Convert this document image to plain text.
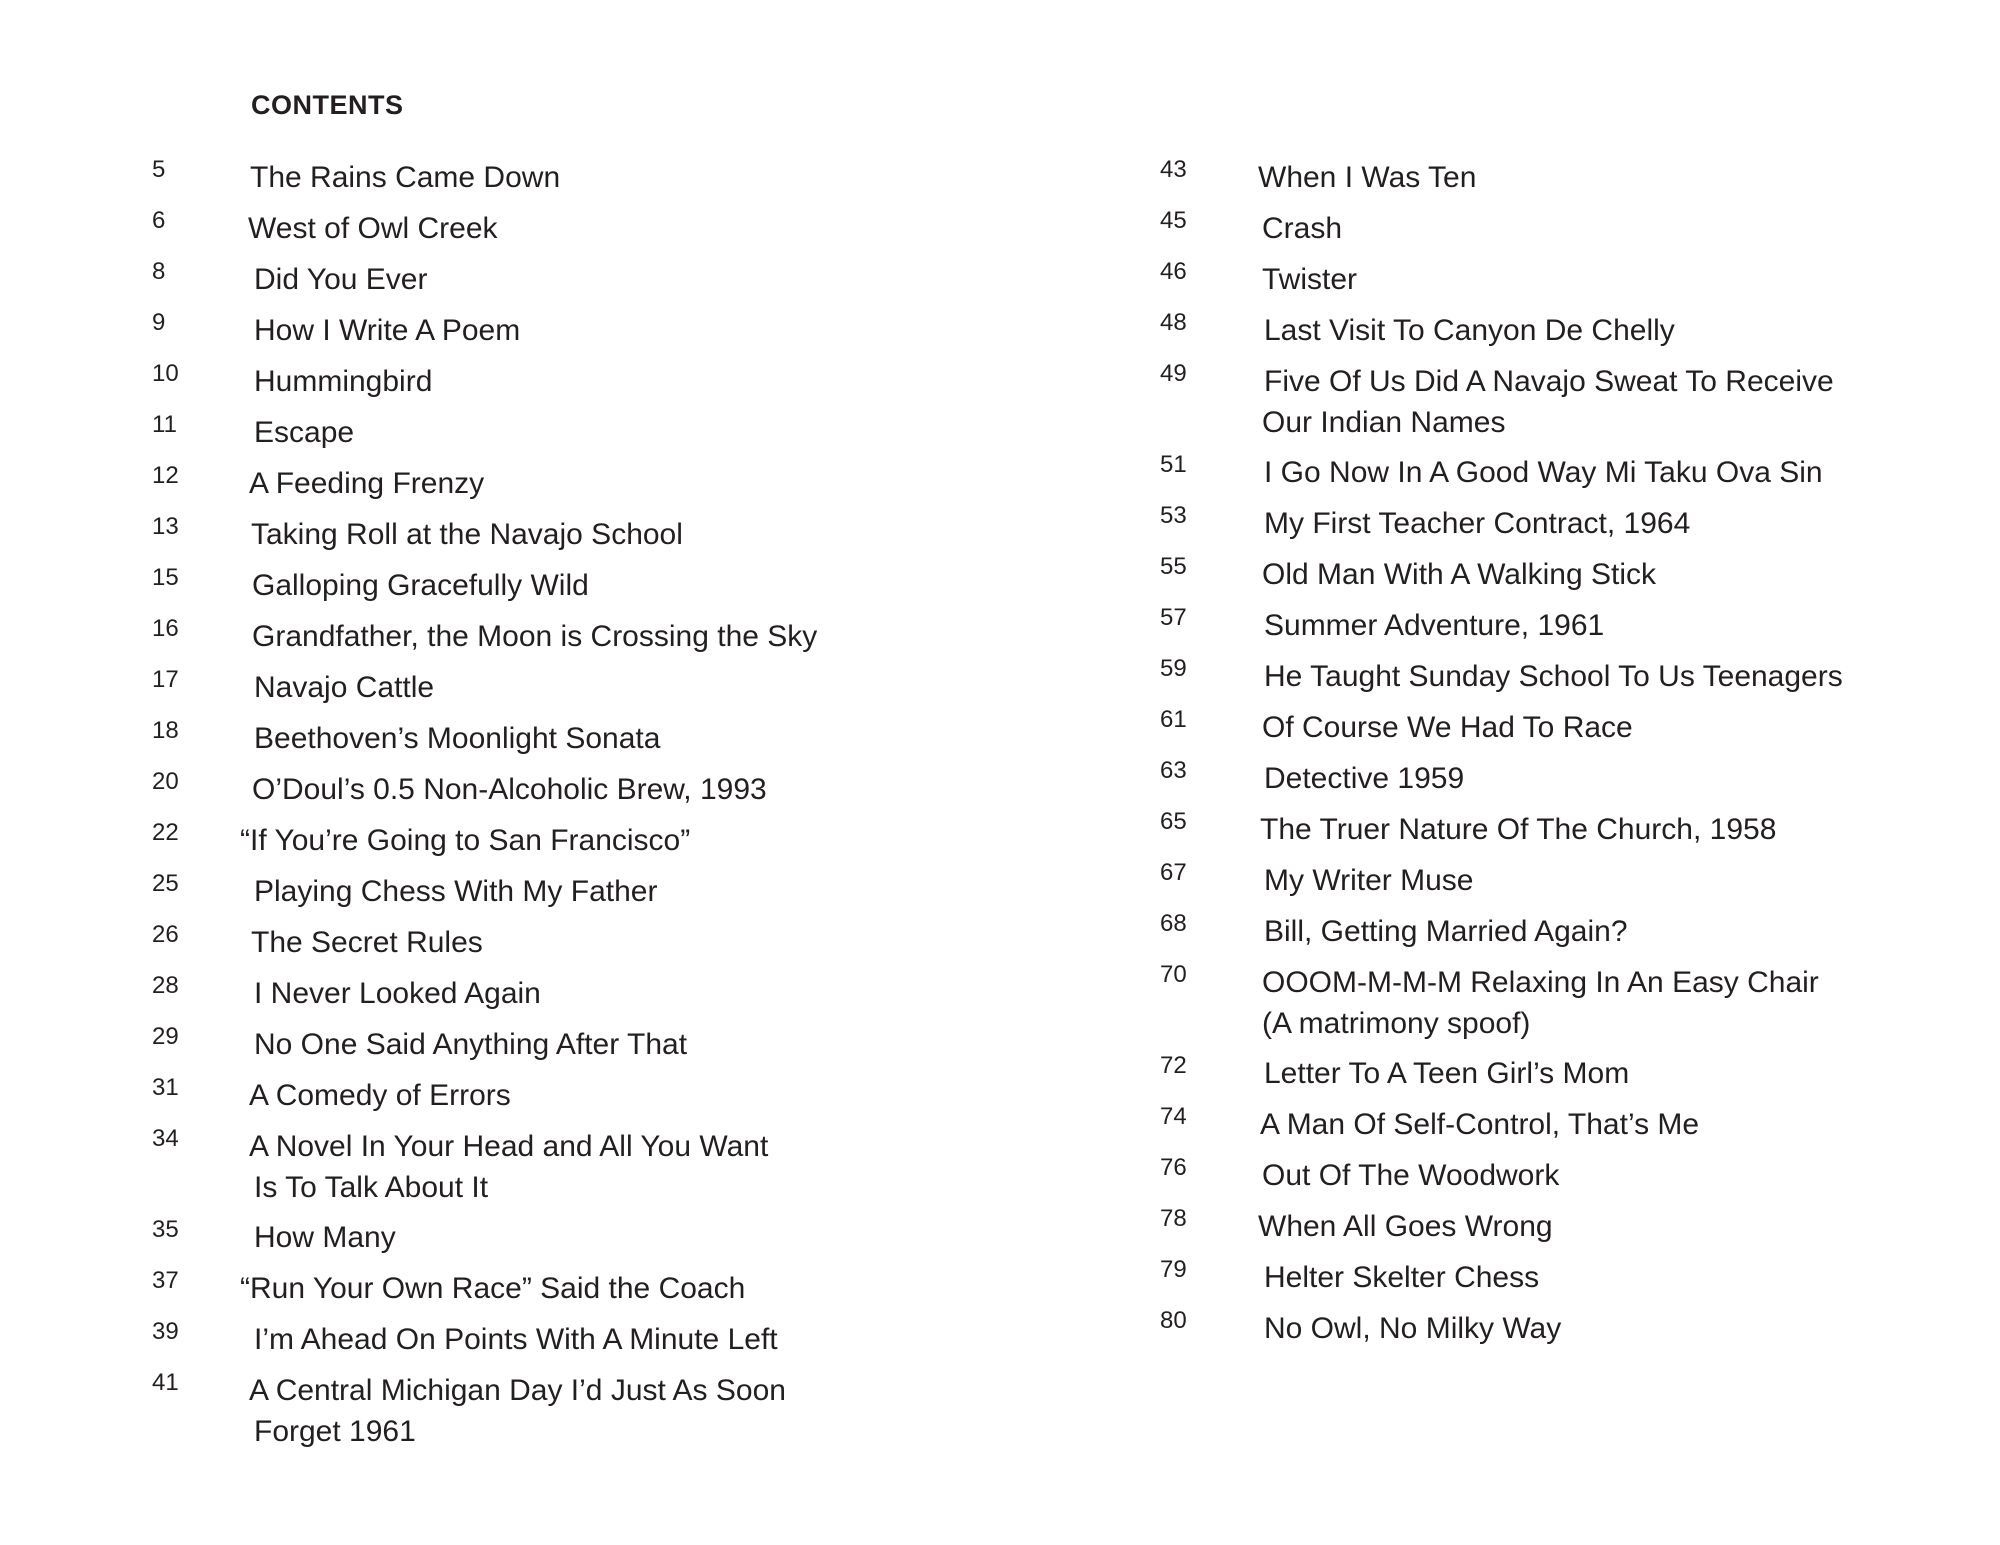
CONTENTS
5	The Rains Came Down
6	West of Owl Creek
8	Did You Ever
9	How I Write A Poem
10	Hummingbird
11	Escape
12 A Feeding Frenzy
13 Taking Roll at the Navajo School
15 Galloping Gracefully Wild
16 Grandfather, the Moon is Crossing the Sky
17	Navajo Cattle
18	Beethoven’s Moonlight Sonata
20 O’Doul’s 0.5 Non-Alcoholic Brew, 1993
22 “If You’re Going to San Francisco”
25	Playing Chess With My Father
26 The Secret Rules
28	I Never Looked Again
29	No One Said Anything After That
31 A Comedy of Errors
34 A Novel In Your Head and All You Want
Is To Talk About It
35	How Many
37 “Run Your Own Race” Said the Coach
39	I’m Ahead On Points With A Minute Left
41 A Central Michigan Day I’d Just As Soon
Forget 1961
43 When I Was Ten
45	Crash
46	Twister
48	Last Visit To Canyon De Chelly
49	Five Of Us Did A Navajo Sweat To Receive
Our Indian Names
51	I Go Now In A Good Way Mi Taku Ova Sin
53	My First Teacher Contract, 1964
55	Old Man With A Walking Stick
57	Summer Adventure, 1961
59	He Taught Sunday School To Us Teenagers
61	Of Course We Had To Race
63	Detective 1959
65 The Truer Nature Of The Church, 1958
67	My Writer Muse
68	Bill, Getting Married Again?
70	OOOM-M-M-M Relaxing In An Easy Chair
(A matrimony spoof)
72	Letter To A Teen Girl’s Mom
74 A Man Of Self-Control, That’s Me
76	Out Of The Woodwork
78 When All Goes Wrong
79	Helter Skelter Chess
80	No Owl, No Milky Way
